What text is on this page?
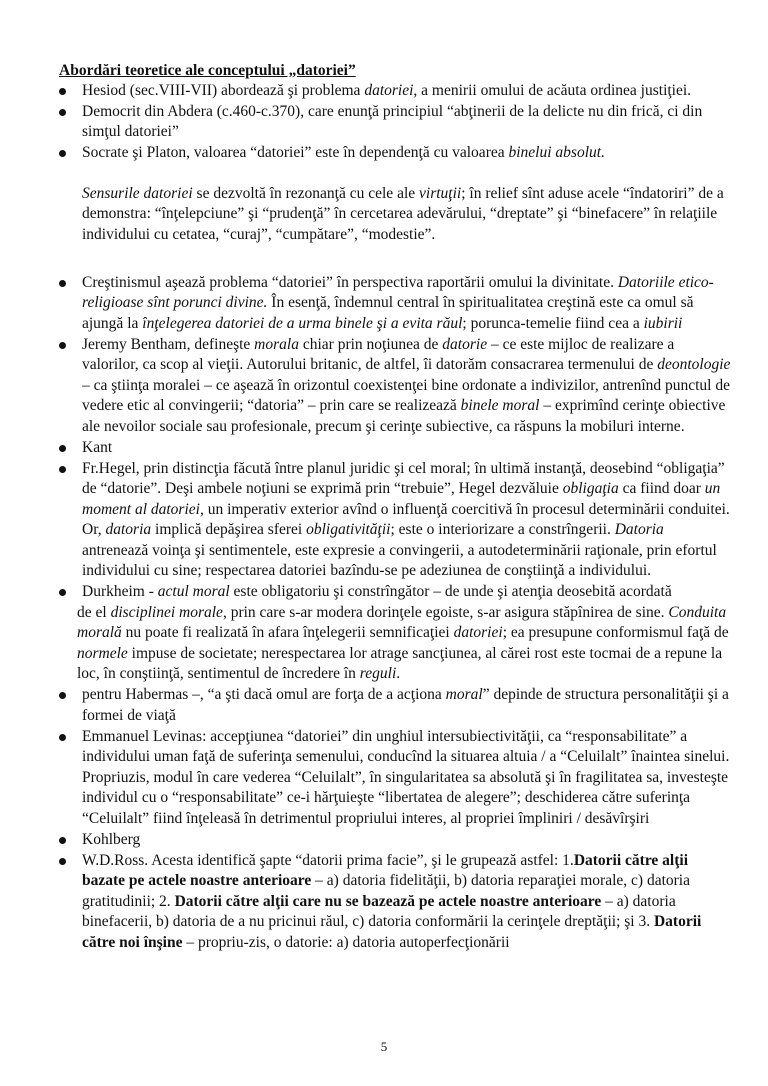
Abordări teoretice ale conceptului „datoriei”

Hesiod (sec.VIII-VII) abordează şi problema datoriei, a menirii omului de acăuta ordinea justiţiei.
Democrit din Abdera (c.460-c.370), care enunţă principiul “abţinerii de la delicte nu din frică, ci din simţul datoriei”
Socrate şi Platon, valoarea “datoriei” este în dependenţă cu valoarea binelui absolut.
Sensurile datoriei se dezvoltă în rezonanţă cu cele ale virtuţii; în relief sînt aduse acele “îndatoriri” de a demonstra: “înţelepciune” şi “prudenţă” în cercetarea adevărului, “dreptate” şi “binefacere” în relaţiile individului cu cetatea, “curaj”, “cumpătare”, “modestie”.
Creştinismul aşează problema “datoriei” în perspectiva raportării omului la divinitate. Datoriile etico-religioase sînt porunci divine. În esenţă, îndemnul central în spiritualitatea creştină este ca omul să ajungă la înţelegerea datoriei de a urma binele şi a evita răul; porunca-temelie fiind cea a iubirii
Jeremy Bentham, defineşte morala chiar prin noţiunea de datorie – ce este mijloc de realizare a valorilor, ca scop al vieţii. Autorului britanic, de altfel, îi datorăm consacrarea termenului de deontologie – ca ştiinţa moralei – ce aşează în orizontul coexistenţei bine ordonate a indivizilor, antrenînd punctul de vedere etic al convingerii; “datoria” – prin care se realizează binele moral – exprimînd cerinţe obiective ale nevoilor sociale sau profesionale, precum şi cerinţe subiective, ca răspuns la mobiluri interne.
Kant
Fr.Hegel, prin distincţia făcută între planul juridic şi cel moral; în ultimă instanţă, deosebind “obligaţia” de “datorie”. Deşi ambele noţiuni se exprimă prin “trebuie”, Hegel dezvăluie obligaţia ca fiind doar un moment al datoriei, un imperativ exterior avînd o influenţă coercitivă în procesul determinării conduitei. Or, datoria implică depăşirea sferei obligativităţii; este o interiorizare a constrîngerii. Datoria antrenează voinţa şi sentimentele, este expresie a convingerii, a autodeterminării raţionale, prin efortul individului cu sine; respectarea datoriei bazîndu-se pe adeziunea de conştiinţă a individului.
Durkheim - actul moral este obligatoriu şi constrîngător – de unde şi atenţia deosebită acordată
de el disciplinei morale, prin care s-ar modera dorinţele egoiste, s-ar asigura stăpînirea de sine. Conduita morală nu poate fi realizată în afara înţelegerii semnificaţiei datoriei; ea presupune conformismul faţă de normele impuse de societate; nerespectarea lor atrage sancţiunea, al cărei rost este tocmai de a repune la loc, în conştiinţă, sentimentul de încredere în reguli.
pentru Habermas –, “a şti dacă omul are forţa de a acţiona moral” depinde de structura personalităţii şi a formei de viaţă
Emmanuel Levinas: accepţiunea “datoriei” din unghiul intersubiectivităţii, ca “responsabilitate” a individului uman faţă de suferinţa semenului, conducînd la situarea altuia / a “Celuilalt” înaintea sinelui. Propriuzis, modul în care vederea “Celuilalt”, în singularitatea sa absolută şi în fragilitatea sa, investeşte individul cu o “responsabilitate” ce-i hărţuieşte “libertatea de alegere”; deschiderea către suferinţa “Celuilalt” fiind înţeleasă în detrimentul propriului interes, al propriei împliniri / desăvîrşiri
Kohlberg
W.D.Ross. Acesta identifică şapte “datorii prima facie”, şi le grupează astfel: 1.Datorii către alţii bazate pe actele noastre anterioare – a) datoria fidelităţii, b) datoria reparaţiei morale, c) datoria gratitudinii; 2. Datorii către alţii care nu se bazează pe actele noastre anterioare – a) datoria binefacerii, b) datoria de a nu pricinui răul, c) datoria conformării la cerinţele dreptăţii; şi 3. Datorii către noi înşine – propriu-zis, o datorie: a) datoria autoperfecţionării
5
